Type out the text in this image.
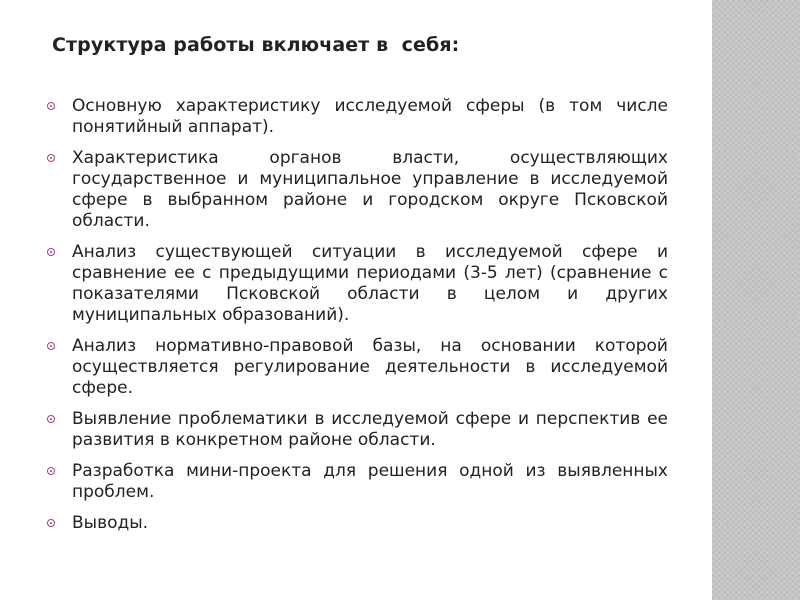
Структура работы включает в  себя:
Основную характеристику исследуемой сферы (в том числе понятийный аппарат).
Характеристика органов власти, осуществляющих государственное и муниципальное управление в исследуемой сфере в выбранном районе и городском округе Псковской области.
Анализ существующей ситуации в исследуемой сфере и сравнение ее с предыдущими периодами (3-5 лет) (сравнение с показателями Псковской области в целом и других муниципальных образований).
Анализ нормативно-правовой базы, на основании которой осуществляется регулирование деятельности в исследуемой сфере.
Выявление проблематики в исследуемой сфере и перспектив ее развития в конкретном районе области.
Разработка мини-проекта для решения одной из выявленных проблем.
Выводы.
